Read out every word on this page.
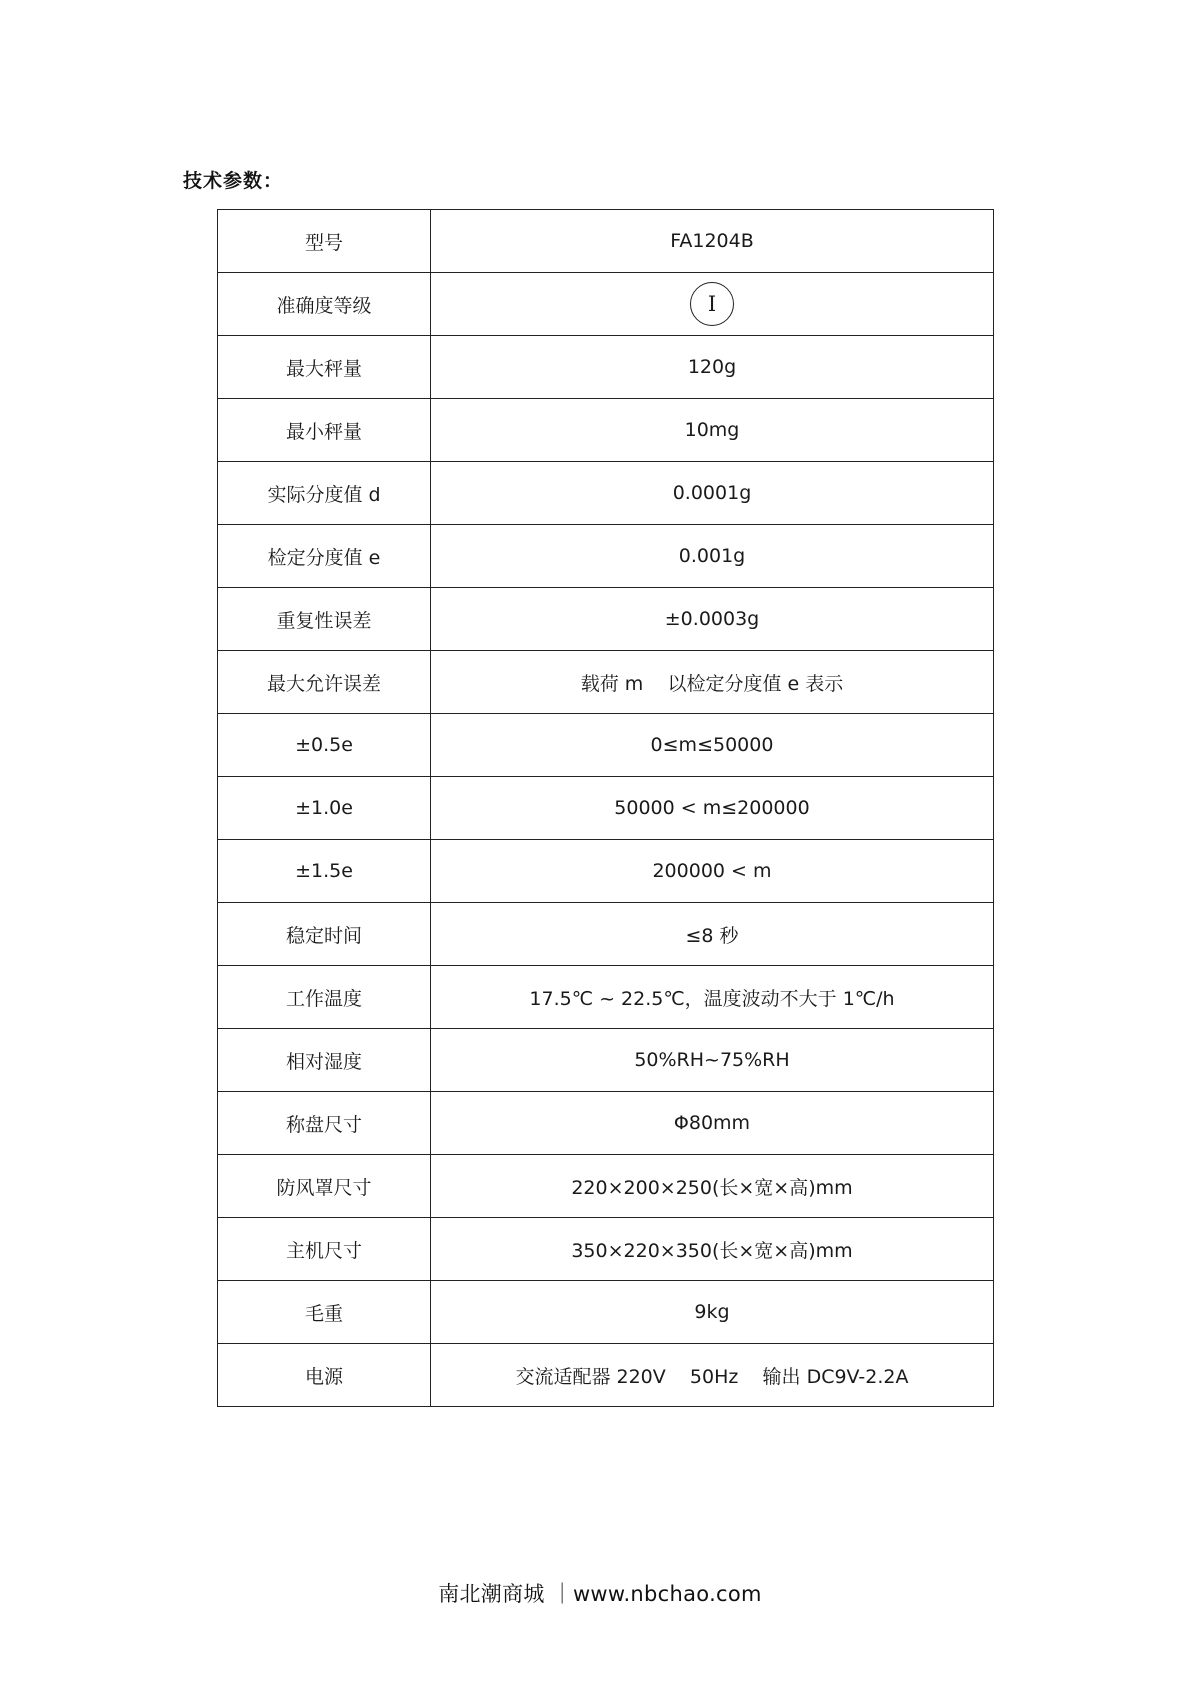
技术参数：
型号	FA1204B
准确度等级	I
最大秤量	120g
最小秤量	10mg
实际分度值 d	0.0001g
检定分度值 e	0.001g
重复性误差	±0.0003g
最大允许误差	载荷 m    以检定分度值 e 表示
±0.5e	0≤m≤50000
±1.0e	50000 < m≤200000
±1.5e	200000 < m
稳定时间	≤8 秒
工作温度	17.5℃ ~ 22.5℃，温度波动不大于 1℃/h
相对湿度	50%RH~75%RH
称盘尺寸	Φ80mm
防风罩尺寸	220×200×250(长×宽×高)mm
主机尺寸	350×220×350(长×宽×高)mm
毛重	9kg
电源	交流适配器 220V    50Hz    输出 DC9V-2.2A
南北潮商城 ｜www.nbchao.com
